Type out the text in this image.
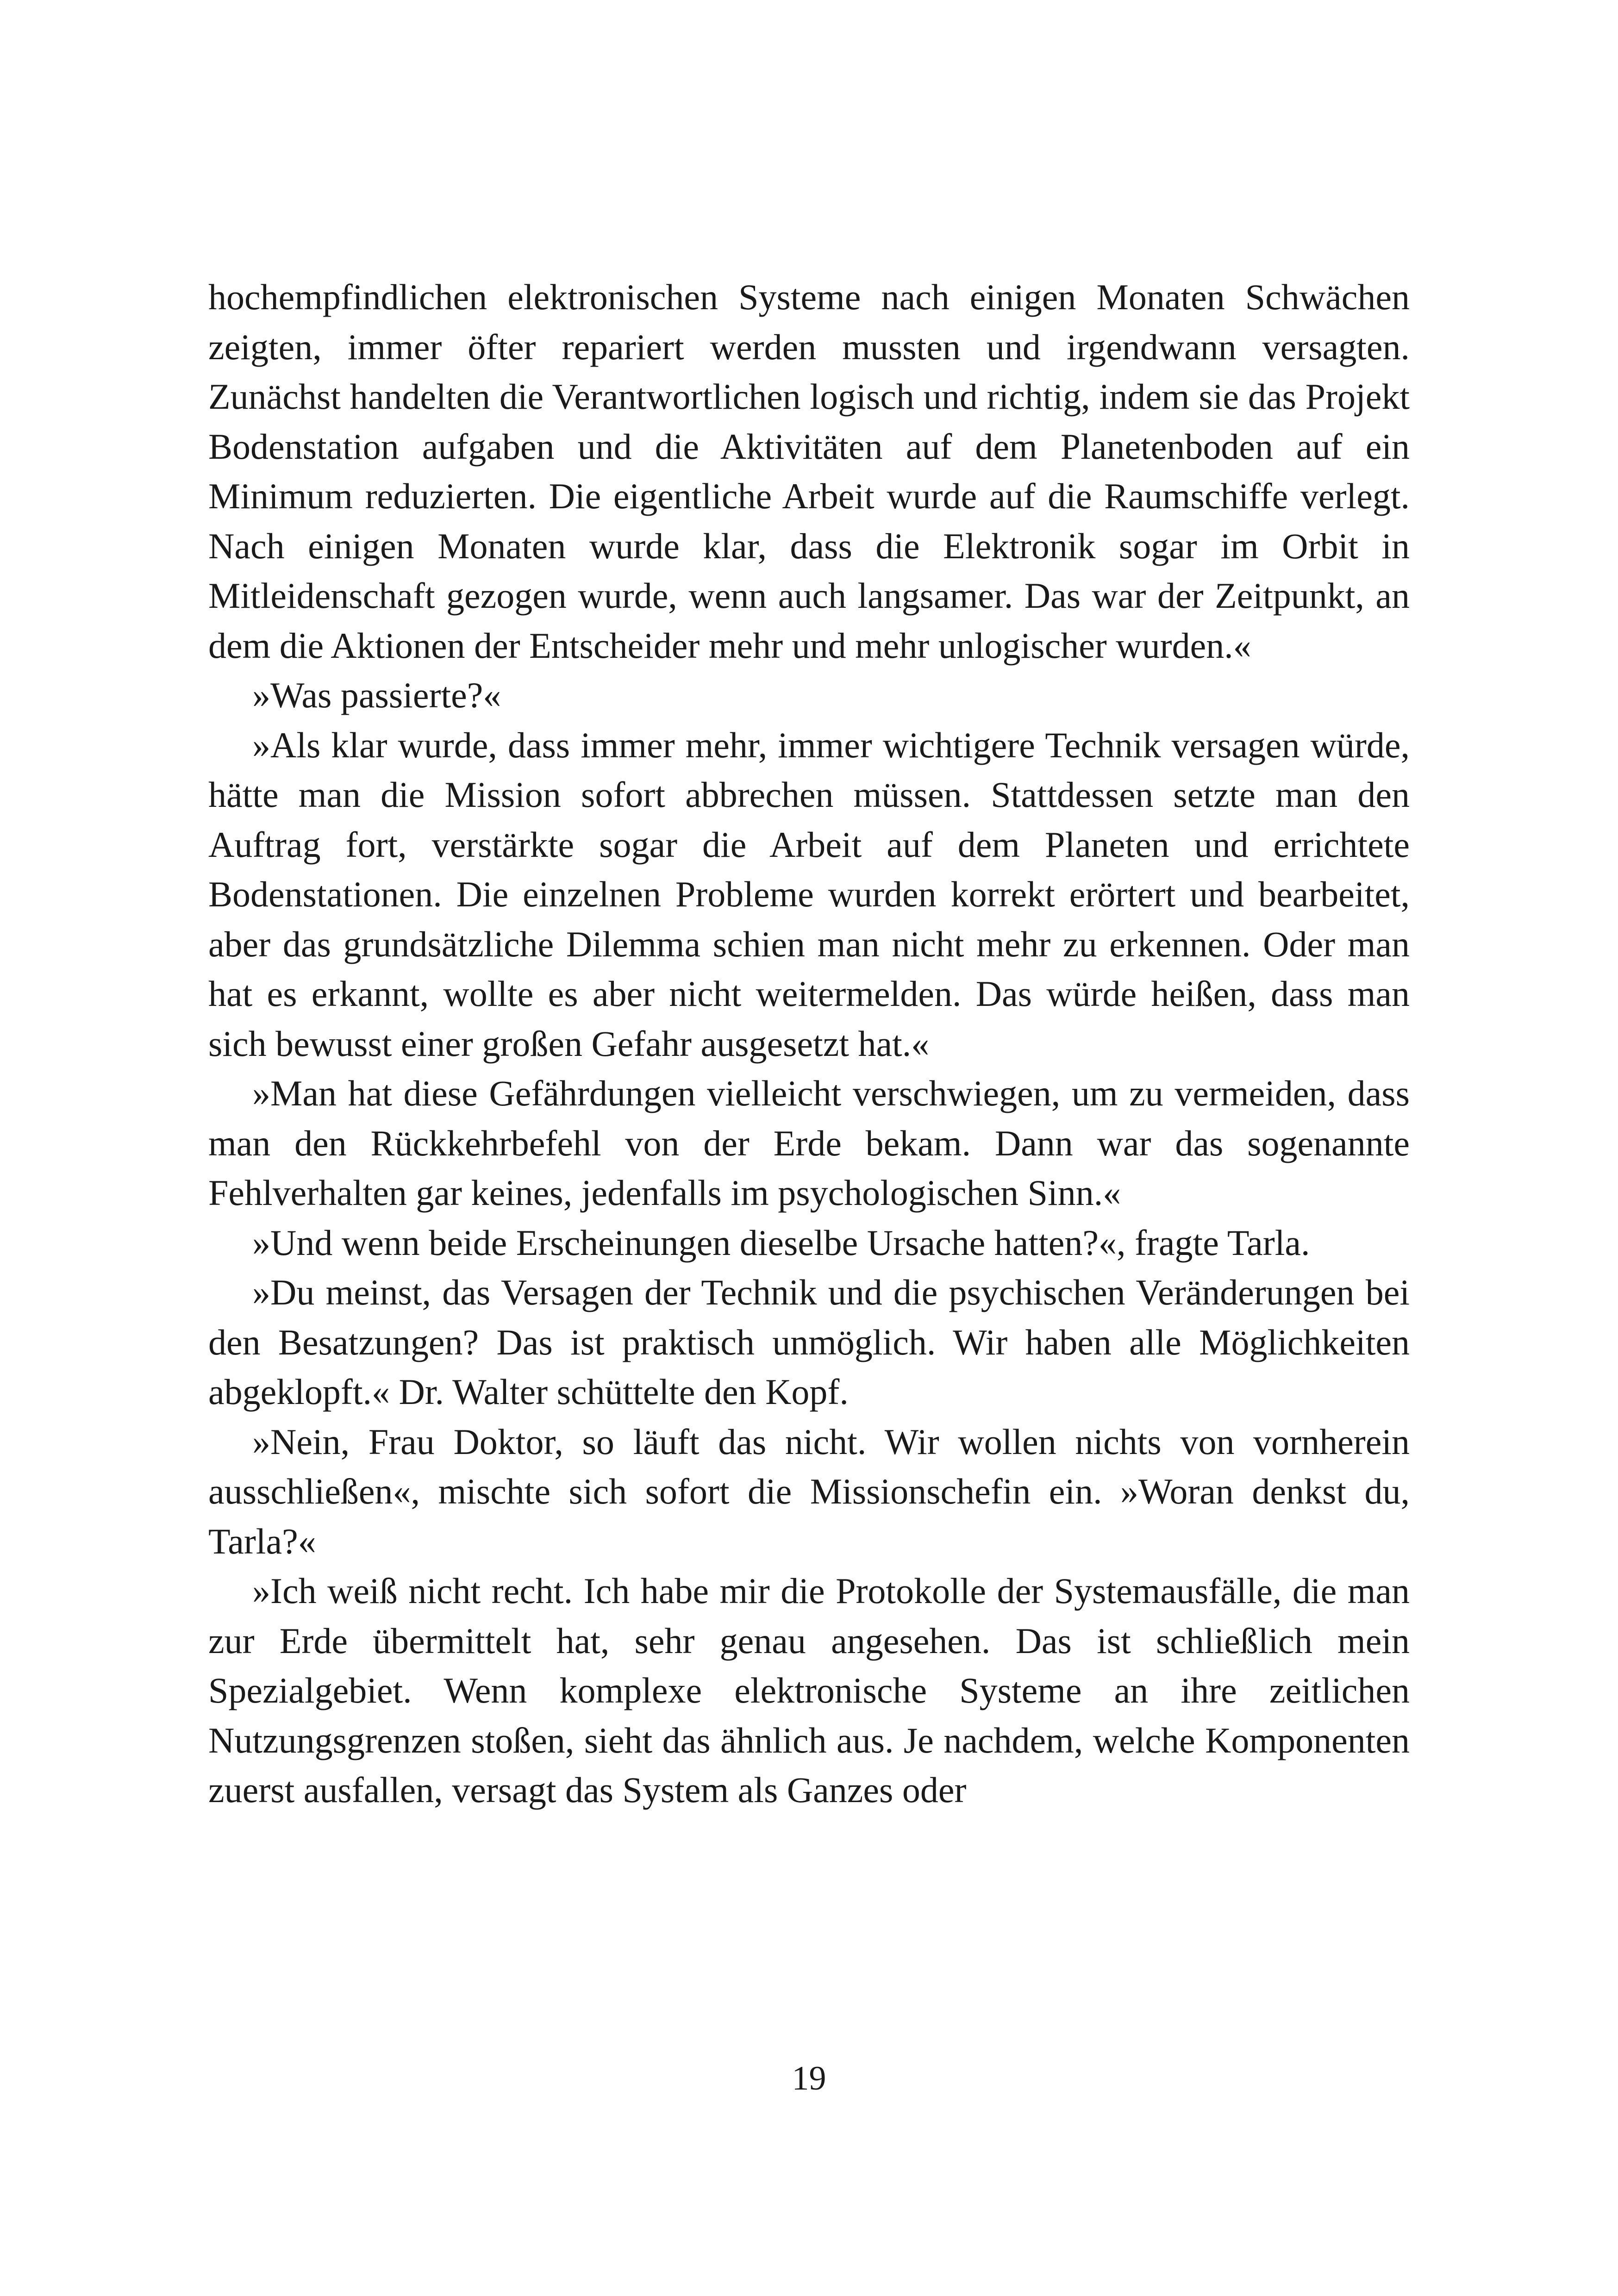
hochempfindlichen elektronischen Systeme nach einigen Monaten Schwächen zeigten, immer öfter repariert werden mussten und irgendwann versagten. Zunächst handelten die Verantwortlichen logisch und richtig, indem sie das Projekt Bodenstation aufgaben und die Aktivitäten auf dem Planetenboden auf ein Minimum reduzierten. Die eigentliche Arbeit wurde auf die Raumschiffe verlegt. Nach einigen Monaten wurde klar, dass die Elektronik sogar im Orbit in Mitleidenschaft gezogen wurde, wenn auch langsamer. Das war der Zeitpunkt, an dem die Aktionen der Entscheider mehr und mehr unlogischer wurden.«

»Was passierte?«

»Als klar wurde, dass immer mehr, immer wichtigere Technik versagen würde, hätte man die Mission sofort abbrechen müssen. Stattdessen setzte man den Auftrag fort, verstärkte sogar die Arbeit auf dem Planeten und errichtete Bodenstationen. Die einzelnen Probleme wurden korrekt erörtert und bearbeitet, aber das grundsätzliche Dilemma schien man nicht mehr zu erkennen. Oder man hat es erkannt, wollte es aber nicht weitermelden. Das würde heißen, dass man sich bewusst einer großen Gefahr ausgesetzt hat.«

»Man hat diese Gefährdungen vielleicht verschwiegen, um zu vermeiden, dass man den Rückkehrbefehl von der Erde bekam. Dann war das sogenannte Fehlverhalten gar keines, jedenfalls im psychologischen Sinn.«

»Und wenn beide Erscheinungen dieselbe Ursache hatten?«, fragte Tarla.

»Du meinst, das Versagen der Technik und die psychischen Veränderungen bei den Besatzungen? Das ist praktisch unmöglich. Wir haben alle Möglichkeiten abgeklopft.« Dr. Walter schüttelte den Kopf.

»Nein, Frau Doktor, so läuft das nicht. Wir wollen nichts von vornherein ausschließen«, mischte sich sofort die Missionschefin ein. »Woran denkst du, Tarla?«

»Ich weiß nicht recht. Ich habe mir die Protokolle der Systemausfälle, die man zur Erde übermittelt hat, sehr genau angesehen. Das ist schließlich mein Spezialgebiet. Wenn komplexe elektronische Systeme an ihre zeitlichen Nutzungsgrenzen stoßen, sieht das ähnlich aus. Je nachdem, welche Komponenten zuerst ausfallen, versagt das System als Ganzes oder

19
